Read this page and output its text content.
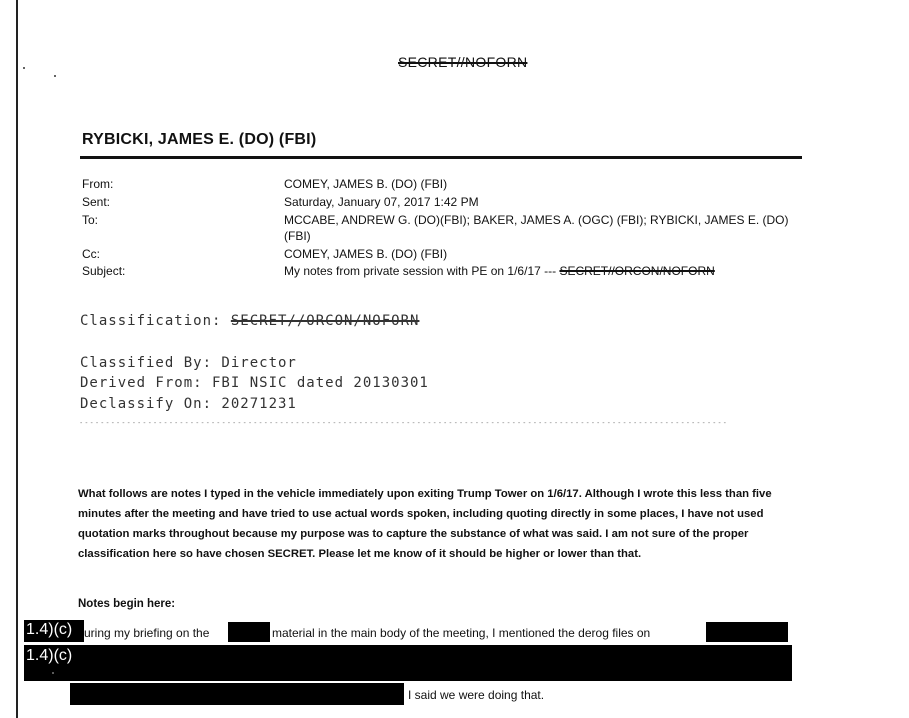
SECRET//NOFORN
RYBICKI, JAMES E. (DO) (FBI)
From:	COMEY, JAMES B. (DO) (FBI)
Sent:	Saturday, January 07, 2017 1:42 PM
To:	MCCABE, ANDREW G. (DO)(FBI); BAKER, JAMES A. (OGC) (FBI); RYBICKI, JAMES E. (DO)
(FBI)
Cc:	COMEY, JAMES B. (DO) (FBI)
Subject:	My notes from private session with PE on 1/6/17 --- SECRET//ORCON/NOFORN
Classification: SECRET//ORCON/NOFORN
Classified By: Director
Derived From: FBI NSIC dated 20130301
Declassify On: 20271231
- - - - - - - - - - - - - - - - - - - - - - - - - - - - - - - - - - - - - - - - - - - - - - - - - - - - - - - - - - - - - - - - - - - - - - - - - - - - - - - - - - - - - - - - - - - - - - - - - - - - - - - - - - - - - - - - - - - - - - - - - - -
What follows are notes I typed in the vehicle immediately upon exiting Trump Tower on 1/6/17. Although I wrote this less than five minutes after the meeting and have tried to use actual words spoken, including quoting directly in some places, I have not used quotation marks throughout because my purpose was to capture the substance of what was said. I am not sure of the proper classification here so have chosen SECRET. Please let me know of it should be higher or lower than that.
Notes begin here:
1.4)(c) uring my briefing on the	material in the main body of the meeting, I mentioned the derog files on
1.4)(c)
I said we were doing that.
